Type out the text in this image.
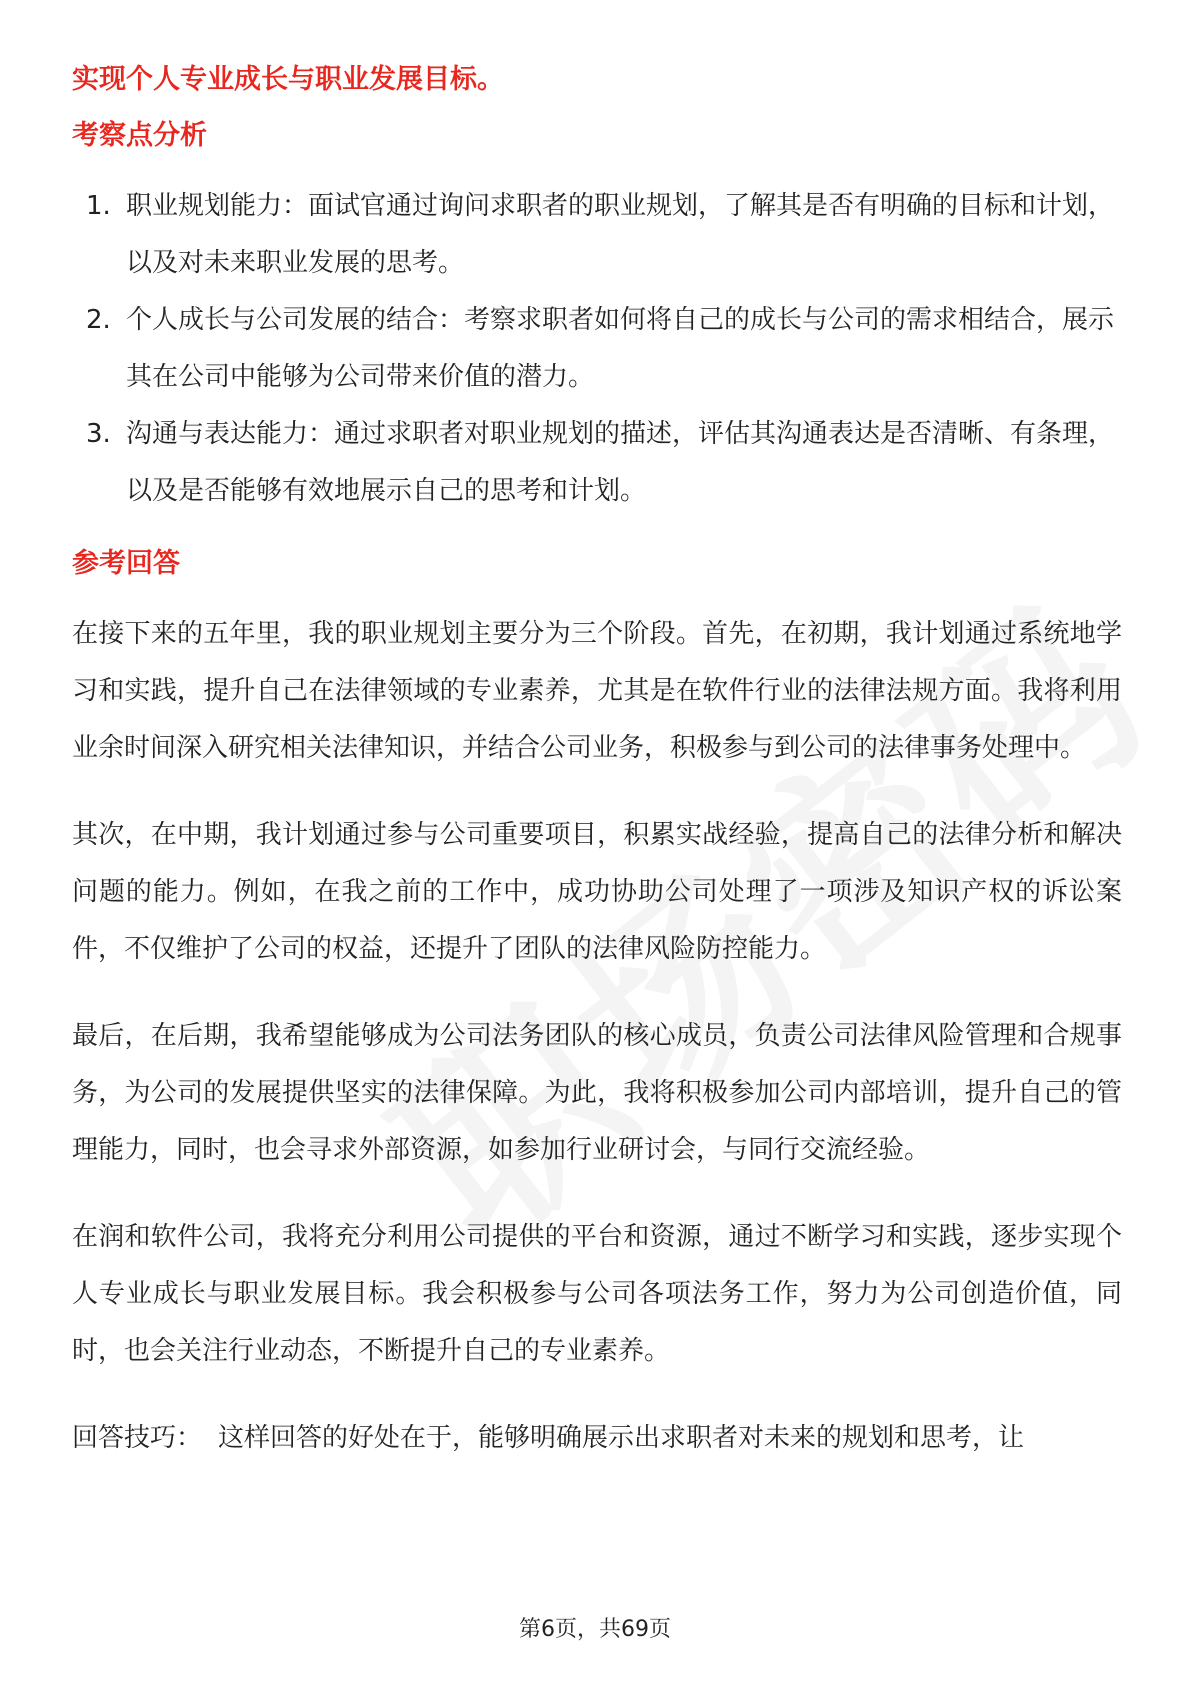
实现个人专业成长与职业发展目标。

考察点分析
1. 职业规划能力：面试官通过询问求职者的职业规划，了解其是否有明确的目标和计划，以及对未来职业发展的思考。
2. 个人成长与公司发展的结合：考察求职者如何将自己的成长与公司的需求相结合，展示其在公司中能够为公司带来价值的潜力。
3. 沟通与表达能力：通过求职者对职业规划的描述，评估其沟通表达是否清晰、有条理，以及是否能够有效地展示自己的思考和计划。
参考回答

在接下来的五年里，我的职业规划主要分为三个阶段。首先，在初期，我计划通过系统地学习和实践，提升自己在法律领域的专业素养，尤其是在软件行业的法律法规方面。我将利用业余时间深入研究相关法律知识，并结合公司业务，积极参与到公司的法律事务处理中。

其次，在中期，我计划通过参与公司重要项目，积累实战经验，提高自己的法律分析和解决问题的能力。例如，在我之前的工作中，成功协助公司处理了一项涉及知识产权的诉讼案件，不仅维护了公司的权益，还提升了团队的法律风险防控能力。

最后，在后期，我希望能够成为公司法务团队的核心成员，负责公司法律风险管理和合规事务，为公司的发展提供坚实的法律保障。为此，我将积极参加公司内部培训，提升自己的管理能力，同时，也会寻求外部资源，如参加行业研讨会，与同行交流经验。

在润和软件公司，我将充分利用公司提供的平台和资源，通过不断学习和实践，逐步实现个人专业成长与职业发展目标。我会积极参与公司各项法务工作，努力为公司创造价值，同时，也会关注行业动态，不断提升自己的专业素养。

回答技巧： 这样回答的好处在于，能够明确展示出求职者对未来的规划和思考，让

第6页，共69页
